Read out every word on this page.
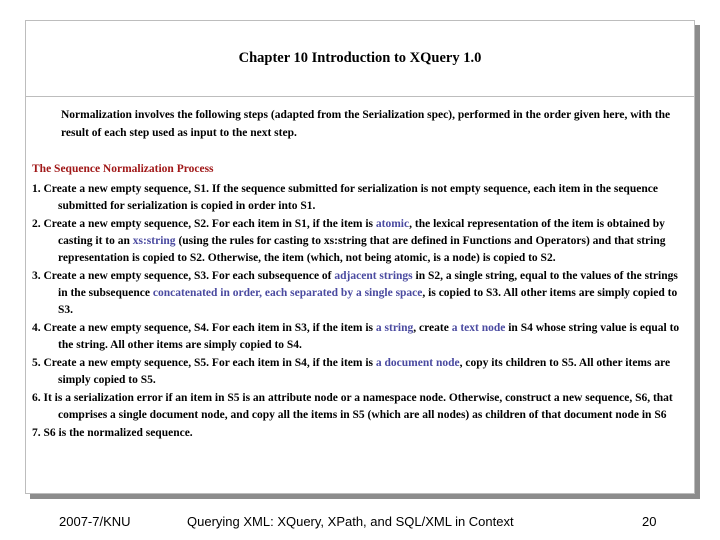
Chapter 10 Introduction to XQuery 1.0
Normalization involves the following steps (adapted from the Serialization spec), performed in the order given here, with the result of each step used as input to the next step.
The Sequence Normalization Process
1. Create a new empty sequence, S1. If the sequence submitted for serialization is not empty sequence, each item in the sequence submitted for serialization is copied in order into S1.
2. Create a new empty sequence, S2. For each item in S1, if the item is atomic, the lexical representation of the item is obtained by casting it to an xs:string (using the rules for casting to xs:string that are defined in Functions and Operators) and that string representation is copied to S2. Otherwise, the item (which, not being atomic, is a node) is copied to S2.
3. Create a new empty sequence, S3. For each subsequence of adjacent strings in S2, a single string, equal to the values of the strings in the subsequence concatenated in order, each separated by a single space, is copied to S3. All other items are simply copied to S3.
4. Create a new empty sequence, S4. For each item in S3, if the item is a string, create a text node in S4 whose string value is equal to the string. All other items are simply copied to S4.
5. Create a new empty sequence, S5. For each item in S4, if the item is a document node, copy its children to S5. All other items are simply copied to S5.
6. It is a serialization error if an item in S5 is an attribute node or a namespace node. Otherwise, construct a new sequence, S6, that comprises a single document node, and copy all the items in S5 (which are all nodes) as children of that document node in S6
7. S6 is the normalized sequence.
2007-7/KNU	Querying XML: XQuery, XPath, and SQL/XML in Context	20
